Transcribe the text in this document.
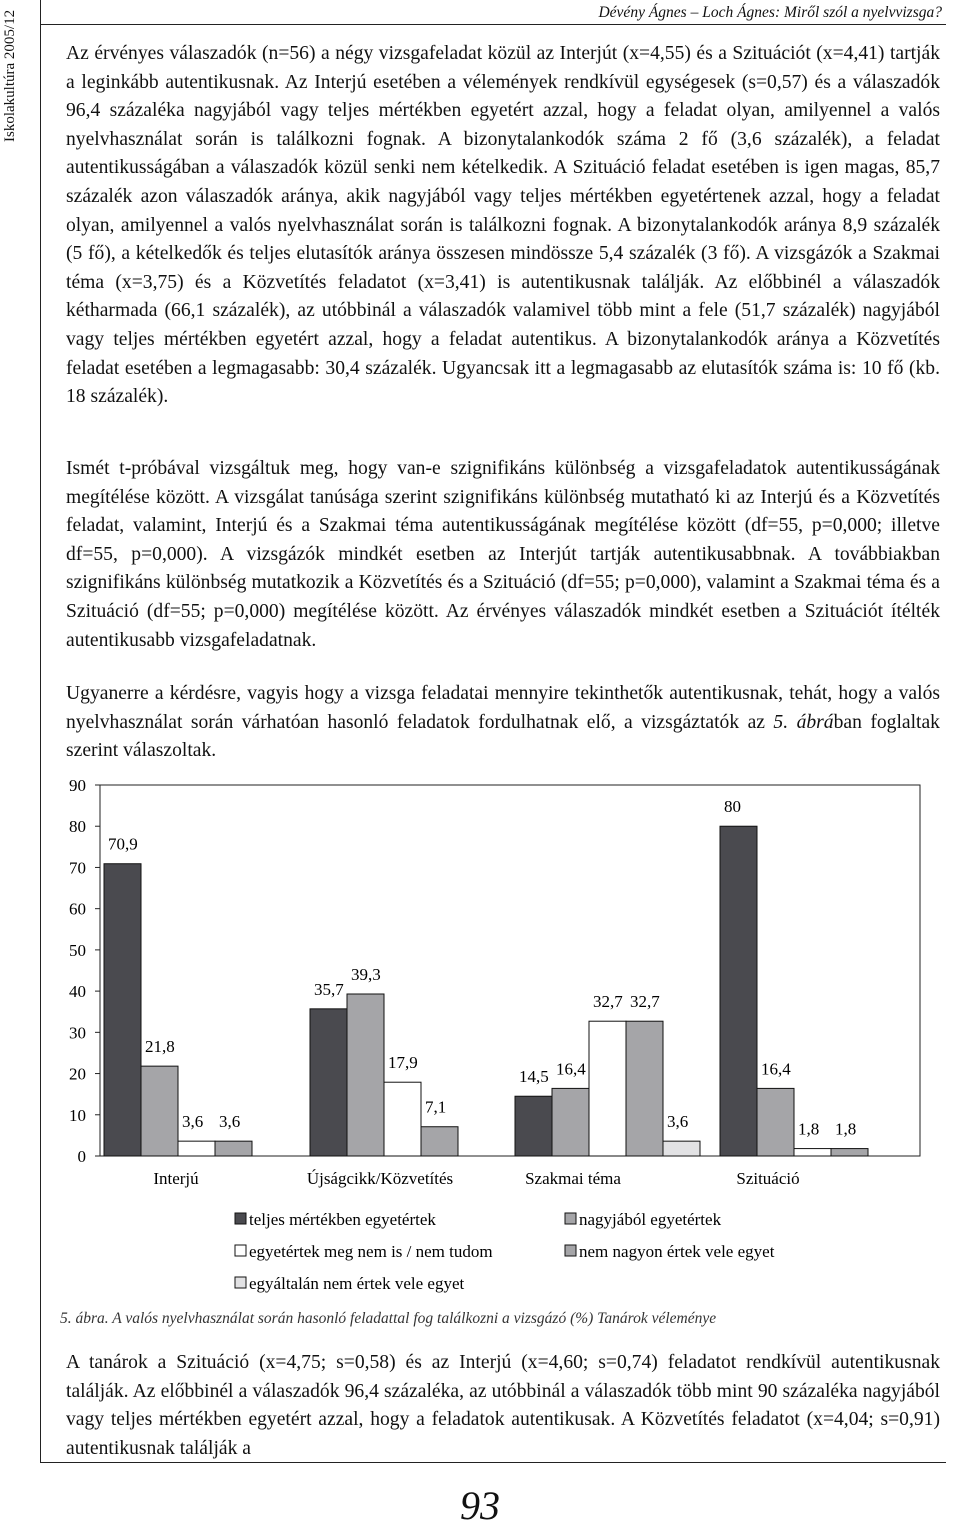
Dévény Ágnes – Loch Ágnes: Miről szól a nyelvvizsga?
Iskolakultúra 2005/12 Az érvényes válaszadók (n=56) a négy vizsgafeladat közül az Interjút (x=4,55) és a Szituációt (x=4,41) tartják a leginkább autentikusnak. Az Interjú esetében a vélemények rendkívül egységesek (s=0,57) és a válaszadók 96,4 százaléka nagyjából vagy teljes mértékben egyetért azzal, hogy a feladat olyan, amilyennel a valós nyelvhasználat során is találkozni fognak. A bizonytalankodók száma 2 fő (3,6 százalék), a feladat autentikusságában a válaszadók közül senki nem kételkedik. A Szituáció feladat esetében is igen magas, 85,7 százalék azon válaszadók aránya, akik nagyjából vagy teljes mértékben egyetértenek azzal, hogy a feladat olyan, amilyennel a valós nyelvhasználat során is találkozni fognak. A bizonytalankodók aránya 8,9 százalék (5 fő), a kételkedők és teljes elutasítók aránya összesen mindössze 5,4 százalék (3 fő). A vizsgázók a Szakmai téma (x=3,75) és a Közvetítés feladatot (x=3,41) is autentikusnak találják. Az előbbinél a válaszadók kétharmada (66,1 százalék), az utóbbinál a válaszadók valamivel több mint a fele (51,7 százalék) nagyjából vagy teljes mértékben egyetért azzal, hogy a feladat autentikus. A bizonytalankodók aránya a Közvetítés feladat esetében a legmagasabb: 30,4 százalék. Ugyancsak itt a legmagasabb az elutasítók száma is: 10 fő (kb. 18 százalék).

Ismét t-próbával vizsgáltuk meg, hogy van-e szignifikáns különbség a vizsgafeladatok autentikusságának megítélése között. A vizsgálat tanúsága szerint szignifikáns különbség mutatható ki az Interjú és a Közvetítés feladat, valamint, Interjú és a Szakmai téma autentikusságának megítélése között (df=55, p=0,000; illetve df=55, p=0,000). A vizsgázók mindkét esetben az Interjút tartják autentikusabbnak. A továbbiakban szignifikáns különbség mutatkozik a Közvetítés és a Szituáció (df=55; p=0,000), valamint a Szakmai téma és a Szituáció (df=55; p=0,000) megítélése között. Az érvényes válaszadók mindkét esetben a Szituációt ítélték autentikusabb vizsgafeladatnak.

Ugyanerre a kérdésre, vagyis hogy a vizsga feladatai mennyire tekinthetők autentikusnak, tehát, hogy a valós nyelvhasználat során várhatóan hasonló feladatok fordulhatnak elő, a vizsgáztatók az 5. ábrában foglaltak szerint válaszoltak.

0
10
20
30
40
50
60
70
80
90
70,9
21,8
3,6 3,6
Interjú
35,7
39,3
17,9
7,1
Újságcikk/Közvetítés
14,5 16,4
32,7 32,7
3,6
Szakmai téma
80
16,4
1,8 1,8
Szituáció
teljes mértékben egyetértek	nagyjából egyetértek
egyetértek meg nem is / nem tudom	nem nagyon értek vele egyet
egyáltalán nem értek vele egyet
5. ábra. A valós nyelvhasználat során hasonló feladattal fog találkozni a vizsgázó (%) Tanárok véleménye

A tanárok a Szituáció (x=4,75; s=0,58) és az Interjú (x=4,60; s=0,74) feladatot rendkívül autentikusnak találják. Az előbbinél a válaszadók 96,4 százaléka, az utóbbinál a válaszadók több mint 90 százaléka nagyjából vagy teljes mértékben egyetért azzal, hogy a feladatok autentikusak. A Közvetítés feladatot (x=4,04; s=0,91) autentikusnak találják a

93
